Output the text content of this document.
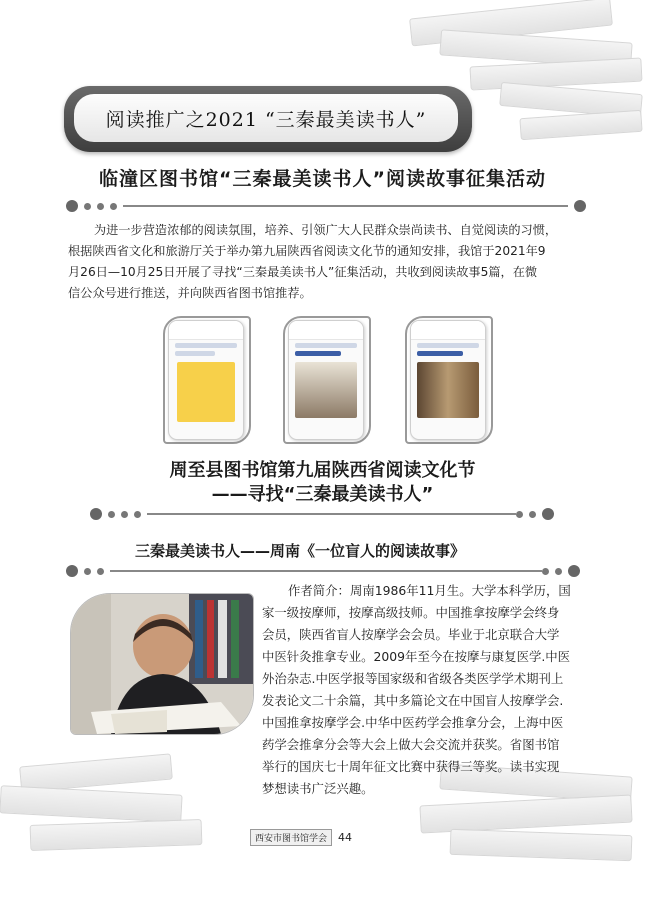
阅读推广之2021 “三秦最美读书人”
临潼区图书馆“三秦最美读书人”阅读故事征集活动
为进一步营造浓郁的阅读氛围，培养、引领广大人民群众崇尚读书、自觉阅读的习惯，
根据陕西省文化和旅游厅关于举办第九届陕西省阅读文化节的通知安排，我馆于2021年9
月26日—10月25日开展了寻找“三秦最美读书人”征集活动，共收到阅读故事5篇，在微
信公众号进行推送，并向陕西省图书馆推荐。
周至县图书馆第九届陕西省阅读文化节
——寻找“三秦最美读书人”
三秦最美读书人——周南《一位盲人的阅读故事》
作者简介：周南1986年11月生。大学本科学历，国
家一级按摩师，按摩高级技师。中国推拿按摩学会终身
会员，陕西省盲人按摩学会会员。毕业于北京联合大学
中医针灸推拿专业。2009年至今在按摩与康复医学.中医
外治杂志.中医学报等国家级和省级各类医学学术期刊上
发表论文二十余篇，其中多篇论文在中国盲人按摩学会.
中国推拿按摩学会.中华中医药学会推拿分会，上海中医
药学会推拿分会等大会上做大会交流并获奖。省图书馆
举行的国庆七十周年征文比赛中获得三等奖。读书实现
梦想读书广泛兴趣。
西安市图书馆学会	44
